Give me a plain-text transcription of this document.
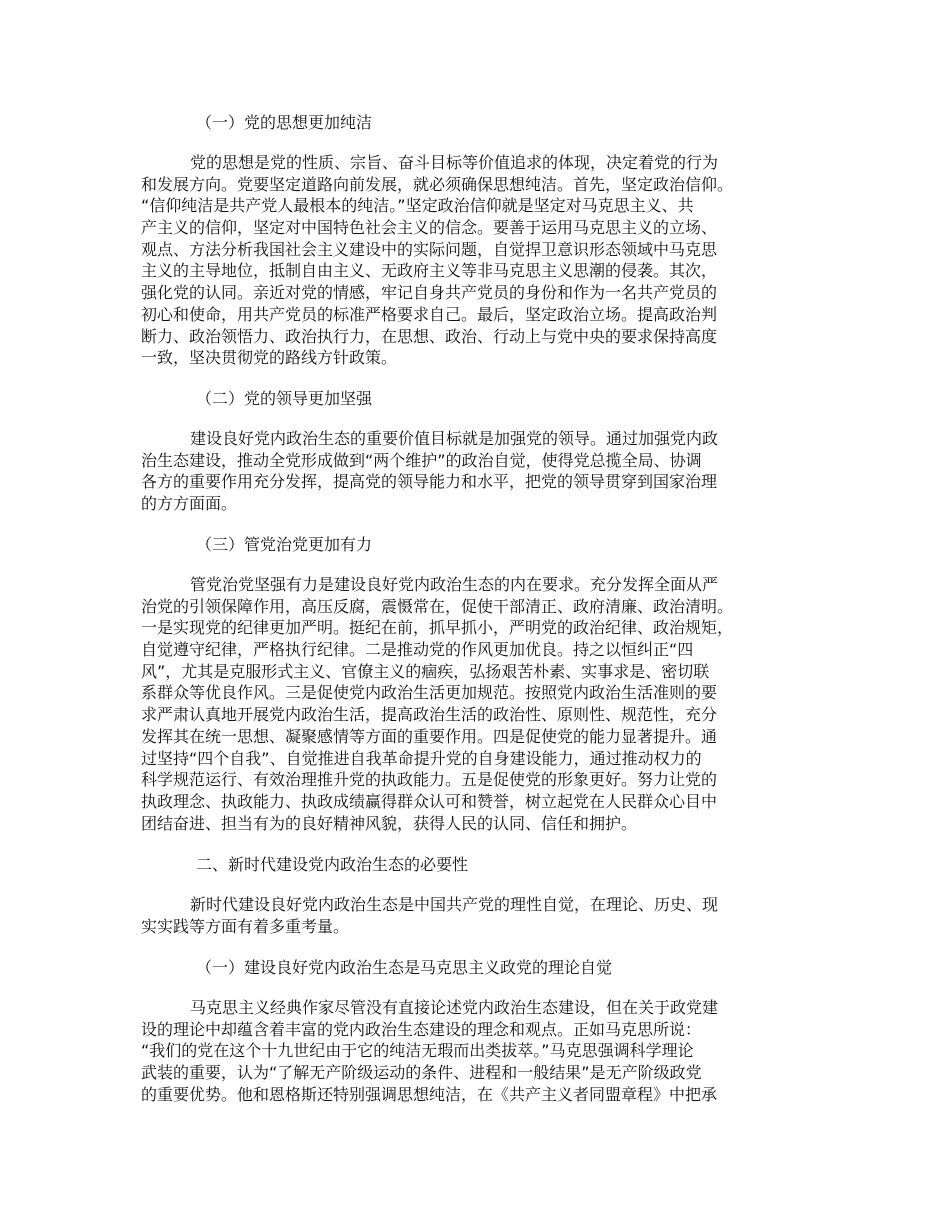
（一）党的思想更加纯洁
党的思想是党的性质、宗旨、奋斗目标等价值追求的体现，决定着党的行为
和发展方向。党要坚定道路向前发展，就必须确保思想纯洁。首先，坚定政治信仰。
“信仰纯洁是共产党人最根本的纯洁。”坚定政治信仰就是坚定对马克思主义、共
产主义的信仰，坚定对中国特色社会主义的信念。要善于运用马克思主义的立场、
观点、方法分析我国社会主义建设中的实际问题，自觉捍卫意识形态领域中马克思
主义的主导地位，抵制自由主义、无政府主义等非马克思主义思潮的侵袭。其次，
强化党的认同。亲近对党的情感，牢记自身共产党员的身份和作为一名共产党员的
初心和使命，用共产党员的标准严格要求自己。最后，坚定政治立场。提高政治判
断力、政治领悟力、政治执行力，在思想、政治、行动上与党中央的要求保持高度
一致，坚决贯彻党的路线方针政策。
（二）党的领导更加坚强
建设良好党内政治生态的重要价值目标就是加强党的领导。通过加强党内政
治生态建设，推动全党形成做到“两个维护”的政治自觉，使得党总揽全局、协调
各方的重要作用充分发挥，提高党的领导能力和水平，把党的领导贯穿到国家治理
的方方面面。
（三）管党治党更加有力
管党治党坚强有力是建设良好党内政治生态的内在要求。充分发挥全面从严
治党的引领保障作用，高压反腐，震慑常在，促使干部清正、政府清廉、政治清明。
一是实现党的纪律更加严明。挺纪在前，抓早抓小，严明党的政治纪律、政治规矩，
自觉遵守纪律，严格执行纪律。二是推动党的作风更加优良。持之以恒纠正“四
风”，尤其是克服形式主义、官僚主义的痼疾，弘扬艰苦朴素、实事求是、密切联
系群众等优良作风。三是促使党内政治生活更加规范。按照党内政治生活准则的要
求严肃认真地开展党内政治生活，提高政治生活的政治性、原则性、规范性，充分
发挥其在统一思想、凝聚感情等方面的重要作用。四是促使党的能力显著提升。通
过坚持“四个自我”、自觉推进自我革命提升党的自身建设能力，通过推动权力的
科学规范运行、有效治理推升党的执政能力。五是促使党的形象更好。努力让党的
执政理念、执政能力、执政成绩赢得群众认可和赞誉，树立起党在人民群众心目中
团结奋进、担当有为的良好精神风貌，获得人民的认同、信任和拥护。
二、新时代建设党内政治生态的必要性
新时代建设良好党内政治生态是中国共产党的理性自觉，在理论、历史、现
实实践等方面有着多重考量。
（一）建设良好党内政治生态是马克思主义政党的理论自觉
马克思主义经典作家尽管没有直接论述党内政治生态建设，但在关于政党建
设的理论中却蕴含着丰富的党内政治生态建设的理念和观点。正如马克思所说：
“我们的党在这个十九世纪由于它的纯洁无瑕而出类拔萃。”马克思强调科学理论
武装的重要，认为“了解无产阶级运动的条件、进程和一般结果”是无产阶级政党
的重要优势。他和恩格斯还特别强调思想纯洁，在《共产主义者同盟章程》中把承
